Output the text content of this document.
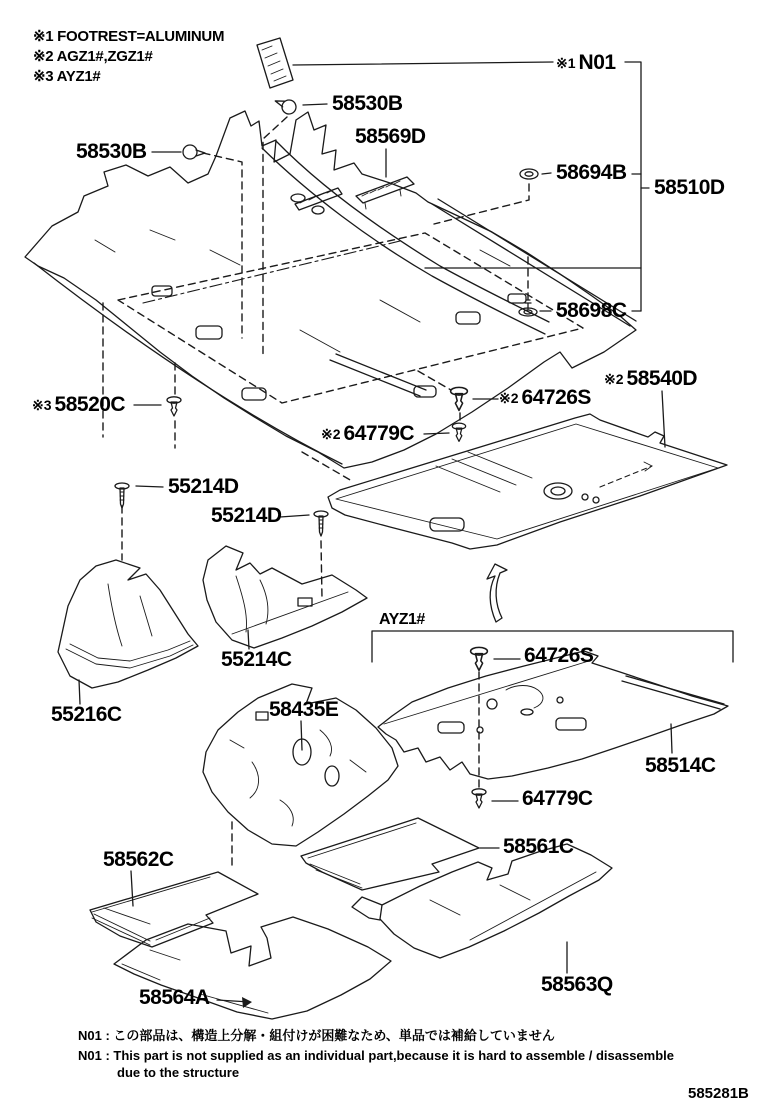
※1 FOOTREST=ALUMINUM
※2 AGZ1#,ZGZ1#
※3 AYZ1#
58530B
58530B
58569D
※1 N01
58694B
58510D
58698C
※2 58540D
※2 64726S
※3 58520C
※2 64779C
55214D
55214D
55214C
55216C	58435E
AYZ1#
64726S
58514C
64779C
58561C
58562C
58563Q
58564A
N01 : この部品は、構造上分解・組付けが困難なため、単品では補給していません
N01 : This part is not supplied as an individual part,because it is hard to assemble / disassemble
due to the structure
585281B
